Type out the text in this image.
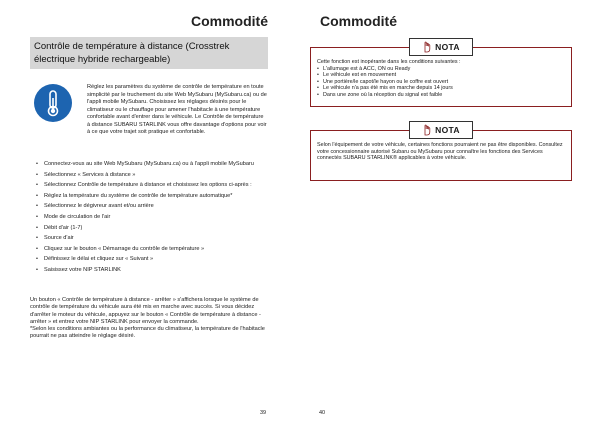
Commodité
Contrôle de température à distance (Crosstrek électrique hybride rechargeable)

Réglez les paramètres du système de contrôle de température en toute simplicité par le truchement du site Web MySubaru (MySubaru.ca) ou de l'appli mobile MySubaru. Choisissez les réglages désirés pour le climatiseur ou le chauffage pour amener l'habitacle à une température confortable avant d'entrer dans le véhicule. Le Contrôle de température à distance SUBARU STARLINK vous offre davantage d'options pour voir à ce que votre trajet soit pratique et confortable.

• Connectez-vous au site Web MySubaru (MySubaru.ca) ou à l'appli mobile MySubaru
• Sélectionnez « Services à distance »
• Sélectionnez Contrôle de température à distance et choisissez les options ci-après :
• Réglez la température du système de contrôle de température automatique*
• Sélectionnez le dégivreur avant et/ou arrière
• Mode de circulation de l'air
• Débit d'air (1-7)
• Source d'air
• Cliquez sur le bouton « Démarrage du contrôle de température »
• Définissez le délai et cliquez sur « Suivant »
• Saisissez votre NIP STARLINK

Un bouton « Contrôle de température à distance - arrêter » s'affichera lorsque le système de contrôle de température du véhicule aura été mis en marche avec succès. Si vous décidez d'arrêter le moteur du véhicule, appuyez sur le bouton « Contrôle de température à distance - arrêter » et entrez votre NIP STARLINK pour envoyer la commande.

*Selon les conditions ambiantes ou la performance du climatiseur, la température de l'habitacle pourrait ne pas atteindre le réglage désiré.

39

Commodité
NOTA

Cette fonction est inopérante dans les conditions suivantes :

• L'allumage est à ACC, ON ou Ready
• Le véhicule est en mouvement
• Une portière/le capot/le hayon ou le coffre est ouvert
• Le véhicule n'a pas été mis en marche depuis 14 jours
• Dans une zone où la réception du signal est faible
NOTA

Selon l'équipement de votre véhicule, certaines fonctions pourraient ne pas être disponibles. Consultez votre concessionnaire autorisé Subaru ou MySubaru pour connaître les fonctions des Services connectés SUBARU STARLINK® applicables à votre véhicule.

40
